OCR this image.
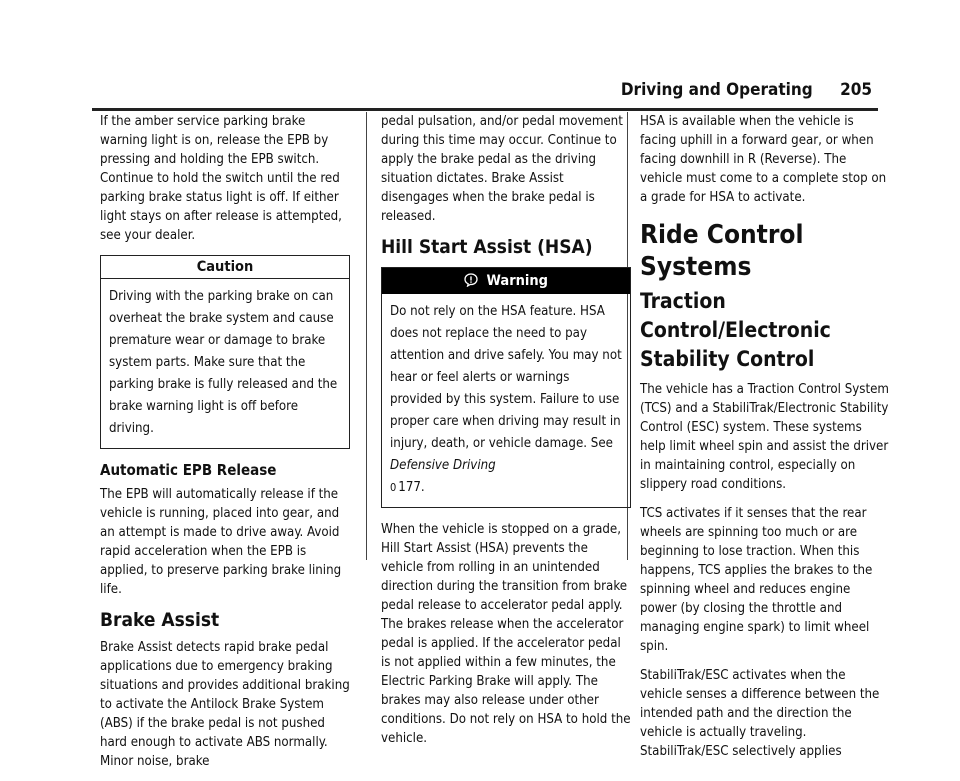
Driving and Operating 205

If the amber service parking brake warning light is on, release the EPB by pressing and holding the EPB switch. Continue to hold the switch until the red parking brake status light is off. If either light stays on after release is attempted, see your dealer.

Caution

Driving with the parking brake on can overheat the brake system and cause premature wear or damage to brake system parts. Make sure that the parking brake is fully released and the brake warning light is off before driving.

Automatic EPB Release

The EPB will automatically release if the vehicle is running, placed into gear, and an attempt is made to drive away. Avoid rapid acceleration when the EPB is applied, to preserve parking brake lining life.

Brake Assist

Brake Assist detects rapid brake pedal applications due to emergency braking situations and provides additional braking to activate the Antilock Brake System (ABS) if the brake pedal is not pushed hard enough to activate ABS normally. Minor noise, brake

pedal pulsation, and/or pedal movement during this time may occur. Continue to apply the brake pedal as the driving situation dictates. Brake Assist disengages when the brake pedal is released.

Hill Start Assist (HSA)
Warning

Do not rely on the HSA feature. HSA does not replace the need to pay attention and drive safely. You may not hear or feel alerts or warnings provided by this system. Failure to use proper care when driving may result in injury, death, or vehicle damage. See Defensive Driving
0 177.

When the vehicle is stopped on a grade, Hill Start Assist (HSA) prevents the vehicle from rolling in an unintended direction during the transition from brake pedal release to accelerator pedal apply. The brakes release when the accelerator pedal is applied. If the accelerator pedal is not applied within a few minutes, the Electric Parking Brake will apply. The brakes may also release under other conditions. Do not rely on HSA to hold the vehicle.

HSA is available when the vehicle is facing uphill in a forward gear, or when facing downhill in R (Reverse). The vehicle must come to a complete stop on a grade for HSA to activate.

Ride Control Systems
Traction Control/Electronic Stability Control

The vehicle has a Traction Control System (TCS) and a StabiliTrak/Electronic Stability Control (ESC) system. These systems help limit wheel spin and assist the driver in maintaining control, especially on slippery road conditions.

TCS activates if it senses that the rear wheels are spinning too much or are beginning to lose traction. When this happens, TCS applies the brakes to the spinning wheel and reduces engine power (by closing the throttle and managing engine spark) to limit wheel spin.

StabiliTrak/ESC activates when the vehicle senses a difference between the intended path and the direction the vehicle is actually traveling. StabiliTrak/ESC selectively applies
